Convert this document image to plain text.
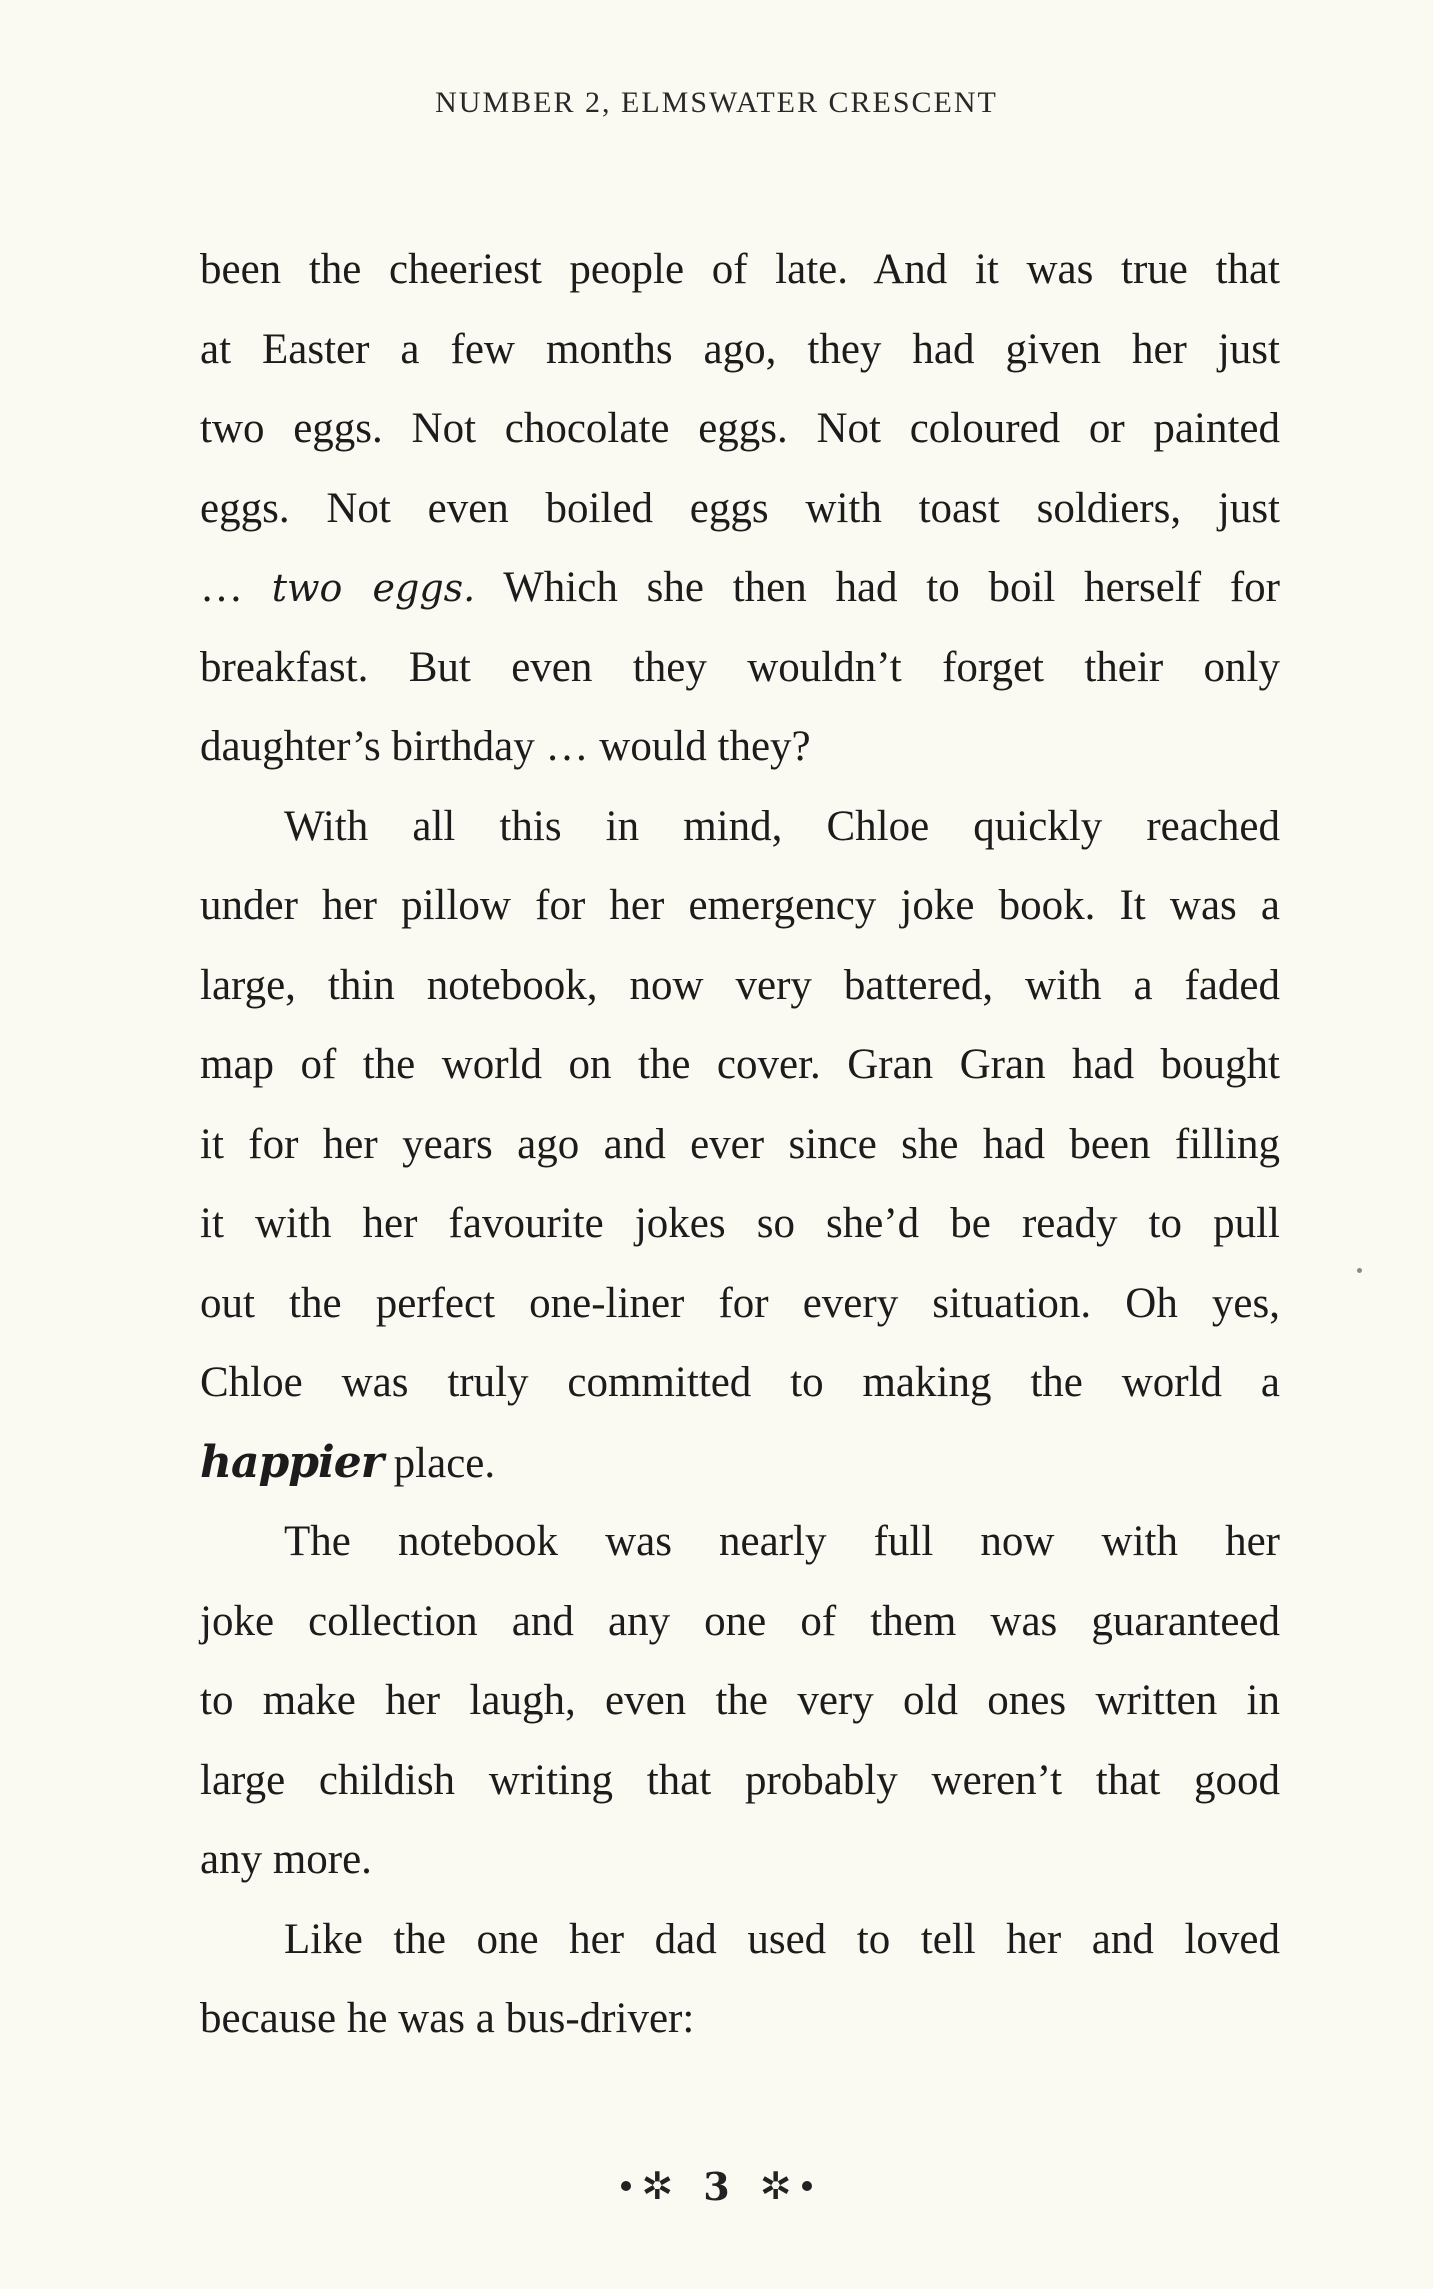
NUMBER 2, ELMSWATER CRESCENT
been the cheeriest people of late. And it was true that
at Easter a few months ago, they had given her just
two eggs. Not chocolate eggs. Not coloured or painted
eggs. Not even boiled eggs with toast soldiers, just
… two eggs. Which she then had to boil herself for
breakfast. But even they wouldn’t forget their only
daughter’s birthday … would they?
With all this in mind, Chloe quickly reached
under her pillow for her emergency joke book. It was a
large, thin notebook, now very battered, with a faded
map of the world on the cover. Gran Gran had bought
it for her years ago and ever since she had been filling
it with her favourite jokes so she’d be ready to pull
out the perfect one-liner for every situation. Oh yes,
Chloe was truly committed to making the world a
happier place.
The notebook was nearly full now with her
joke collection and any one of them was guaranteed
to make her laugh, even the very old ones written in
large childish writing that probably weren’t that good
any more.
Like the one her dad used to tell her and loved
because he was a bus-driver:
✲ 3 ✲
